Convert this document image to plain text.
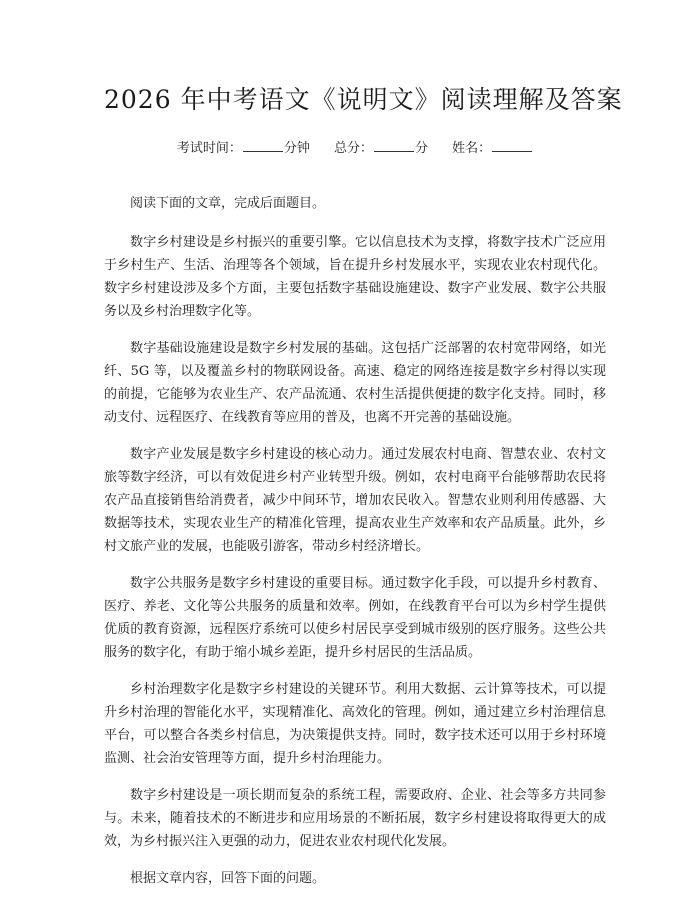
2026 年中考语文《说明文》阅读理解及答案
考试时间：	分钟 总分：	分 姓名：

阅读下面的文章，完成后面题目。

数字乡村建设是乡村振兴的重要引擎。它以信息技术为支撑，将数字技术广泛应用于乡村生产、生活、治理等各个领域，旨在提升乡村发展水平，实现农业农村现代化。数字乡村建设涉及多个方面，主要包括数字基础设施建设、数字产业发展、数字公共服务以及乡村治理数字化等。

数字基础设施建设是数字乡村发展的基础。这包括广泛部署的农村宽带网络，如光纤、5G 等，以及覆盖乡村的物联网设备。高速、稳定的网络连接是数字乡村得以实现的前提，它能够为农业生产、农产品流通、农村生活提供便捷的数字化支持。同时，移动支付、远程医疗、在线教育等应用的普及，也离不开完善的基础设施。

数字产业发展是数字乡村建设的核心动力。通过发展农村电商、智慧农业、农村文旅等数字经济，可以有效促进乡村产业转型升级。例如，农村电商平台能够帮助农民将农产品直接销售给消费者，减少中间环节，增加农民收入。智慧农业则利用传感器、大数据等技术，实现农业生产的精准化管理，提高农业生产效率和农产品质量。此外，乡村文旅产业的发展，也能吸引游客，带动乡村经济增长。

数字公共服务是数字乡村建设的重要目标。通过数字化手段，可以提升乡村教育、医疗、养老、文化等公共服务的质量和效率。例如，在线教育平台可以为乡村学生提供优质的教育资源，远程医疗系统可以使乡村居民享受到城市级别的医疗服务。这些公共服务的数字化，有助于缩小城乡差距，提升乡村居民的生活品质。

乡村治理数字化是数字乡村建设的关键环节。利用大数据、云计算等技术，可以提升乡村治理的智能化水平，实现精准化、高效化的管理。例如，通过建立乡村治理信息平台，可以整合各类乡村信息，为决策提供支持。同时，数字技术还可以用于乡村环境监测、社会治安管理等方面，提升乡村治理能力。

数字乡村建设是一项长期而复杂的系统工程，需要政府、企业、社会等多方共同参与。未来，随着技术的不断进步和应用场景的不断拓展，数字乡村建设将取得更大的成效，为乡村振兴注入更强的动力，促进农业农村现代化发展。

根据文章内容，回答下面的问题。
